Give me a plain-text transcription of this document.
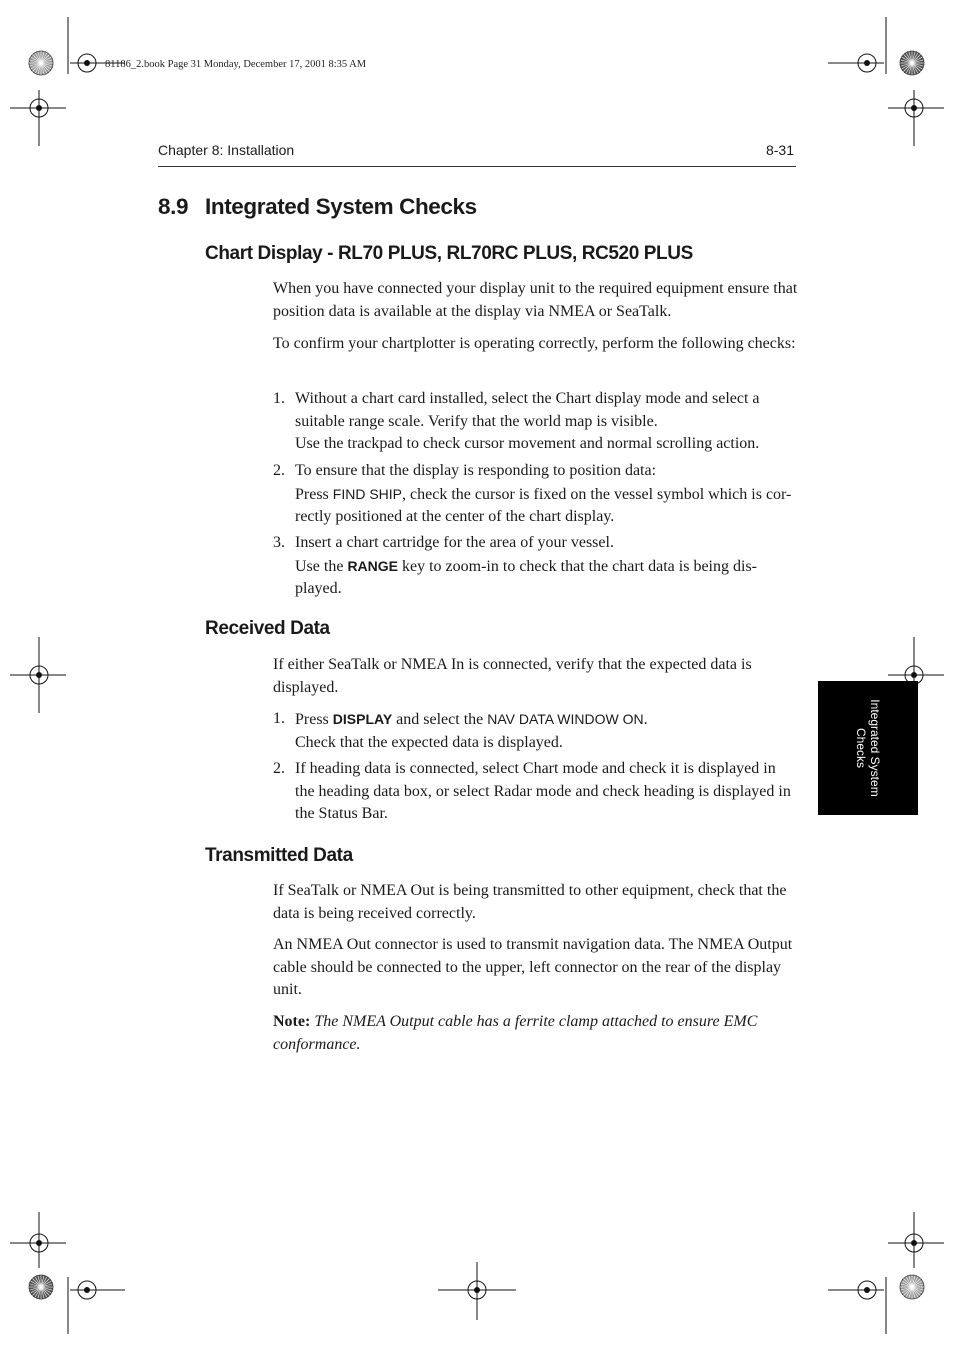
81186_2.book Page 31 Monday, December 17, 2001 8:35 AM
Chapter 8: Installation	8-31
8.9 Integrated System Checks
Chart Display - RL70 PLUS, RL70RC PLUS, RC520 PLUS

When you have connected your display unit to the required equipment ensure that position data is available at the display via NMEA or SeaTalk.

To confirm your chartplotter is operating correctly, perform the following checks:

1. Without a chart card installed, select the Chart display mode and select a suitable range scale. Verify that the world map is visible.
Use the trackpad to check cursor movement and normal scrolling action.
2. To ensure that the display is responding to position data:
Press FIND SHIP, check the cursor is fixed on the vessel symbol which is cor-rectly positioned at the center of the chart display.
3. Insert a chart cartridge for the area of your vessel.
Use the RANGE key to zoom-in to check that the chart data is being dis-played.
Received Data

If either SeaTalk or NMEA In is connected, verify that the expected data is displayed.

1. Press DISPLAY and select the NAV DATA WINDOW ON.
Check that the expected data is displayed.
2. If heading data is connected, select Chart mode and check it is displayed in the heading data box, or select Radar mode and check heading is displayed in the Status Bar.
Transmitted Data

If SeaTalk or NMEA Out is being transmitted to other equipment, check that the data is being received correctly.

An NMEA Out connector is used to transmit navigation data. The NMEA Output cable should be connected to the upper, left connector on the rear of the display unit.

Note: The NMEA Output cable has a ferrite clamp attached to ensure EMC conformance.

Integrated System
Checks
